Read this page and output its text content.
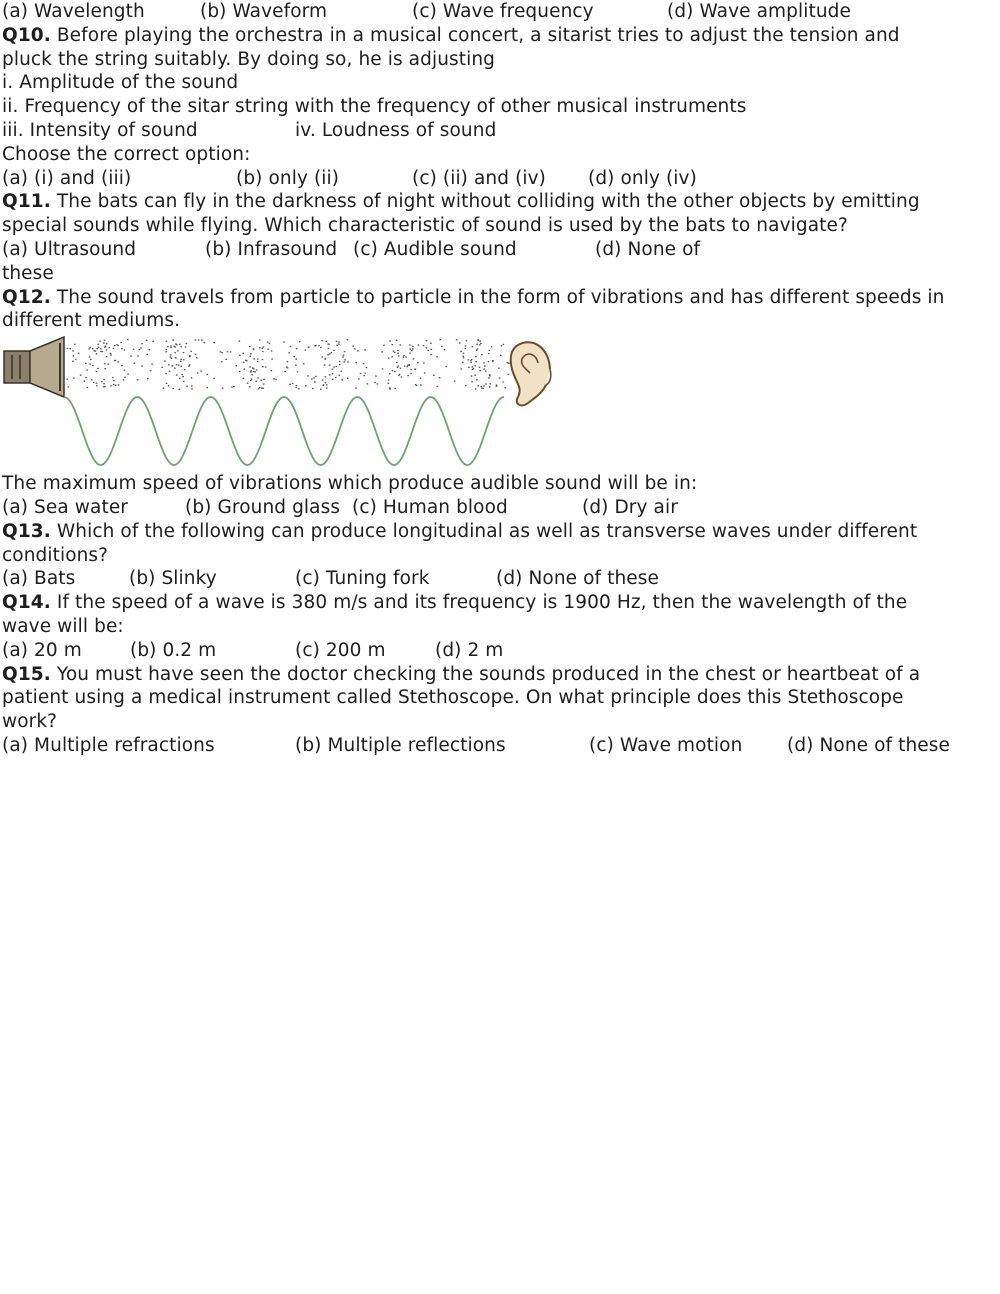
(a) Wavelength	(b) Waveform	(c) Wave frequency	(d) Wave amplitude
Q10. Before playing the orchestra in a musical concert, a sitarist tries to adjust the tension and
pluck the string suitably. By doing so, he is adjusting
i. Amplitude of the sound
ii. Frequency of the sitar string with the frequency of other musical instruments
iii. Intensity of sound	iv. Loudness of sound
Choose the correct option:
(a) (i) and (iii)	(b) only (ii)	(c) (ii) and (iv) (d) only (iv)
Q11. The bats can fly in the darkness of night without colliding with the other objects by emitting
special sounds while flying. Which characteristic of sound is used by the bats to navigate?
(a) Ultrasound	(b) Infrasound (c) Audible sound	(d) None of
these
Q12. The sound travels from particle to particle in the form of vibrations and has different speeds in
different mediums.
The maximum speed of vibrations which produce audible sound will be in:
(a) Sea water	(b) Ground glass (c) Human blood	(d) Dry air
Q13. Which of the following can produce longitudinal as well as transverse waves under different
conditions?
(a) Bats	(b) Slinky	(c) Tuning fork	(d) None of these
Q14. If the speed of a wave is 380 m/s and its frequency is 1900 Hz, then the wavelength of the
wave will be:
(a) 20 m	(b) 0.2 m	(c) 200 m	(d) 2 m
Q15. You must have seen the doctor checking the sounds produced in the chest or heartbeat of a
patient using a medical instrument called Stethoscope. On what principle does this Stethoscope
work?
(a) Multiple refractions	(b) Multiple reflections	(c) Wave motion (d) None of these
